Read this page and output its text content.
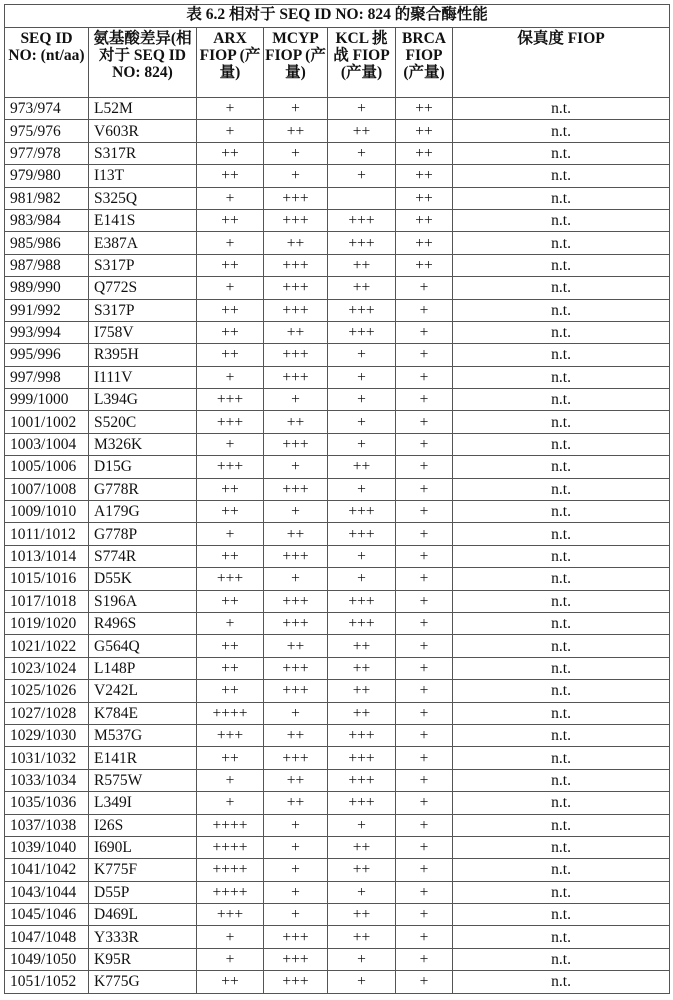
表 6.2 相对于 SEQ ID NO: 824 的聚合酶性能
SEQ ID NO: (nt/aa)	氨基酸差异(相对于 SEQ ID NO: 824)	ARX FIOP (产量)	MCYP FIOP (产量)	KCL 挑战 FIOP (产量)	BRCA FIOP (产量)	保真度 FIOP
973/974	L52M	+	+	+	++	n.t.
975/976	V603R	+	++	++	++	n.t.
977/978	S317R	++	+	+	++	n.t.
979/980	I13T	++	+	+	++	n.t.
981/982	S325Q	+	+++		++	n.t.
983/984	E141S	++	+++	+++	++	n.t.
985/986	E387A	+	++	+++	++	n.t.
987/988	S317P	++	+++	++	++	n.t.
989/990	Q772S	+	+++	++	+	n.t.
991/992	S317P	++	+++	+++	+	n.t.
993/994	I758V	++	++	+++	+	n.t.
995/996	R395H	++	+++	+	+	n.t.
997/998	I111V	+	+++	+	+	n.t.
999/1000	L394G	+++	+	+	+	n.t.
1001/1002	S520C	+++	++	+	+	n.t.
1003/1004	M326K	+	+++	+	+	n.t.
1005/1006	D15G	+++	+	++	+	n.t.
1007/1008	G778R	++	+++	+	+	n.t.
1009/1010	A179G	++	+	+++	+	n.t.
1011/1012	G778P	+	++	+++	+	n.t.
1013/1014	S774R	++	+++	+	+	n.t.
1015/1016	D55K	+++	+	+	+	n.t.
1017/1018	S196A	++	+++	+++	+	n.t.
1019/1020	R496S	+	+++	+++	+	n.t.
1021/1022	G564Q	++	++	++	+	n.t.
1023/1024	L148P	++	+++	++	+	n.t.
1025/1026	V242L	++	+++	++	+	n.t.
1027/1028	K784E	++++	+	++	+	n.t.
1029/1030	M537G	+++	++	+++	+	n.t.
1031/1032	E141R	++	+++	+++	+	n.t.
1033/1034	R575W	+	++	+++	+	n.t.
1035/1036	L349I	+	++	+++	+	n.t.
1037/1038	I26S	++++	+	+	+	n.t.
1039/1040	I690L	++++	+	++	+	n.t.
1041/1042	K775F	++++	+	++	+	n.t.
1043/1044	D55P	++++	+	+	+	n.t.
1045/1046	D469L	+++	+	++	+	n.t.
1047/1048	Y333R	+	+++	++	+	n.t.
1049/1050	K95R	+	+++	+	+	n.t.
1051/1052	K775G	++	+++	+	+	n.t.
